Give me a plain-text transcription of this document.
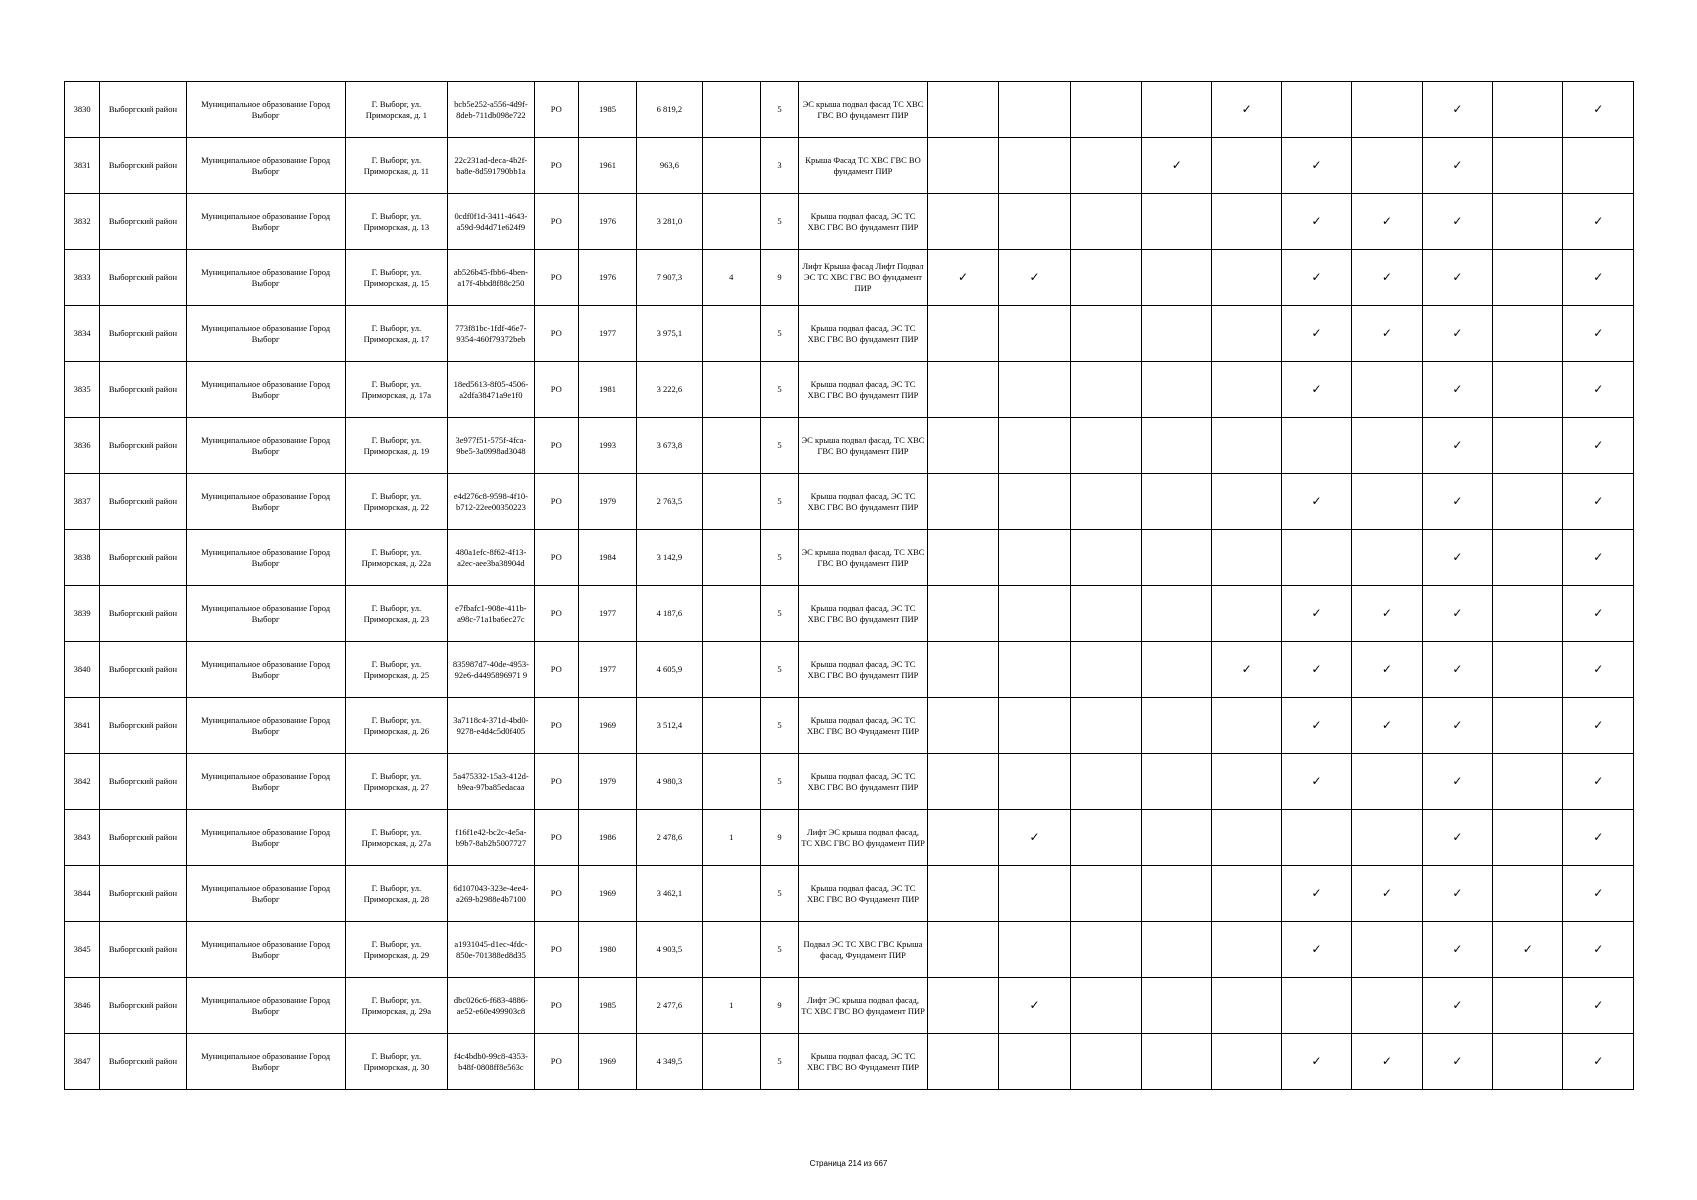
3830	Выборгский район	Муниципальное образование Город Выборг	Г. Выборг, ул. Приморская, д. 1	bcb5e252-a556-4d9f-8deb-711db098e722	РО	1985	6 819,2		5	ЭС крыша подвал фасад ТС ХВС ГВС ВО фундамент ПИР					✓			✓		✓
3831	Выборгский район	Муниципальное образование Город Выборг	Г. Выборг, ул. Приморская, д. 11	22c231ad-deca-4b2f-ba8e-8d591790bb1a	РО	1961	963,6		3	Крыша Фасад ТС ХВС ГВС ВО фундамент ПИР				✓		✓		✓		
3832	Выборгский район	Муниципальное образование Город Выборг	Г. Выборг, ул. Приморская, д. 13	0cdf0f1d-3411-4643-a59d-9d4d71e624f9	РО	1976	3 281,0		5	Крыша подвал фасад, ЭС ТС ХВС ГВС ВО фундамент ПИР						✓	✓	✓		✓
3833	Выборгский район	Муниципальное образование Город Выборг	Г. Выборг, ул. Приморская, д. 15	ab526b45-fbb6-4ben-a17f-4bbd8f88c250	РО	1976	7 907,3	4	9	Лифт Крыша фасад Лифт Подвал ЭС ТС ХВС ГВС ВО фундамент ПИР	✓	✓				✓	✓	✓		✓
3834	Выборгский район	Муниципальное образование Город Выборг	Г. Выборг, ул. Приморская, д. 17	773f81bc-1fdf-46e7-9354-460f79372beb	РО	1977	3 975,1		5	Крыша подвал фасад, ЭС ТС ХВС ГВС ВО фундамент ПИР						✓	✓	✓		✓
3835	Выборгский район	Муниципальное образование Город Выборг	Г. Выборг, ул. Приморская, д. 17а	18ed5613-8f05-4506-a2dfa38471a9e1f0	РО	1981	3 222,6		5	Крыша подвал фасад, ЭС ТС ХВС ГВС ВО фундамент ПИР						✓		✓		✓
3836	Выборгский район	Муниципальное образование Город Выборг	Г. Выборг, ул. Приморская, д. 19	3e977f51-575f-4fca-9be5-3a0998ad3048	РО	1993	3 673,8		5	ЭС крыша подвал фасад, ТС ХВС ГВС ВО фундамент ПИР								✓		✓
3837	Выборгский район	Муниципальное образование Город Выборг	Г. Выборг, ул. Приморская, д. 22	e4d276c8-9598-4f10-b712-22ee00350223	РО	1979	2 763,5		5	Крыша подвал фасад, ЭС ТС ХВС ГВС ВО фундамент ПИР						✓		✓		✓
3838	Выборгский район	Муниципальное образование Город Выборг	Г. Выборг, ул. Приморская, д. 22а	480a1efc-8f62-4f13-a2ec-aee3ba38904d	РО	1984	3 142,9		5	ЭС крыша подвал фасад, ТС ХВС ГВС ВО фундамент ПИР								✓		✓
3839	Выборгский район	Муниципальное образование Город Выборг	Г. Выборг, ул. Приморская, д. 23	e7fbafc1-908e-411b-a98c-71a1ba6ec27c	РО	1977	4 187,6		5	Крыша подвал фасад, ЭС ТС ХВС ГВС ВО фундамент ПИР						✓	✓	✓		✓
3840	Выборгский район	Муниципальное образование Город Выборг	Г. Выборг, ул. Приморская, д. 25	835987d7-40de-4953-92e6-d4495896971 9	РО	1977	4 605,9		5	Крыша подвал фасад, ЭС ТС ХВС ГВС ВО фундамент ПИР					✓	✓	✓	✓		✓
3841	Выборгский район	Муниципальное образование Город Выборг	Г. Выборг, ул. Приморская, д. 26	3a7118c4-371d-4bd0-9278-e4d4c5d0f405	РО	1969	3 512,4		5	Крыша подвал фасад, ЭС ТС ХВС ГВС ВО Фундамент ПИР						✓	✓	✓		✓
3842	Выборгский район	Муниципальное образование Город Выборг	Г. Выборг, ул. Приморская, д. 27	5a475332-15a3-412d-b9ea-97ba85edacaa	РО	1979	4 980,3		5	Крыша подвал фасад, ЭС ТС ХВС ГВС ВО фундамент ПИР						✓		✓		✓
3843	Выборгский район	Муниципальное образование Город Выборг	Г. Выборг, ул. Приморская, д. 27а	f16f1e42-bc2c-4e5a-b9b7-8ab2b5007727	РО	1986	2 478,6	1	9	Лифт ЭС крыша подвал фасад, ТС ХВС ГВС ВО фундамент ПИР		✓						✓		✓
3844	Выборгский район	Муниципальное образование Город Выборг	Г. Выборг, ул. Приморская, д. 28	6d107043-323e-4ee4-a269-b2988e4b7100	РО	1969	3 462,1		5	Крыша подвал фасад, ЭС ТС ХВС ГВС ВО Фундамент ПИР						✓	✓	✓		✓
3845	Выборгский район	Муниципальное образование Город Выборг	Г. Выборг, ул. Приморская, д. 29	a1931045-d1ec-4fdc-850e-701388ed8d35	РО	1980	4 903,5		5	Подвал ЭС ТС ХВС ГВС Крыша фасад, Фундамент ПИР						✓		✓	✓	✓
3846	Выборгский район	Муниципальное образование Город Выборг	Г. Выборг, ул. Приморская, д. 29а	dbc026c6-f683-4886-ae52-e60e499903c8	РО	1985	2 477,6	1	9	Лифт ЭС крыша подвал фасад, ТС ХВС ГВС ВО фундамент ПИР		✓						✓		✓
3847	Выборгский район	Муниципальное образование Город Выборг	Г. Выборг, ул. Приморская, д. 30	f4c4bdb0-99c8-4353-b48f-0808ff8e563c	РО	1969	4 349,5		5	Крыша подвал фасад, ЭС ТС ХВС ГВС ВО Фундамент ПИР						✓	✓	✓		✓
Страница 214 из 667
